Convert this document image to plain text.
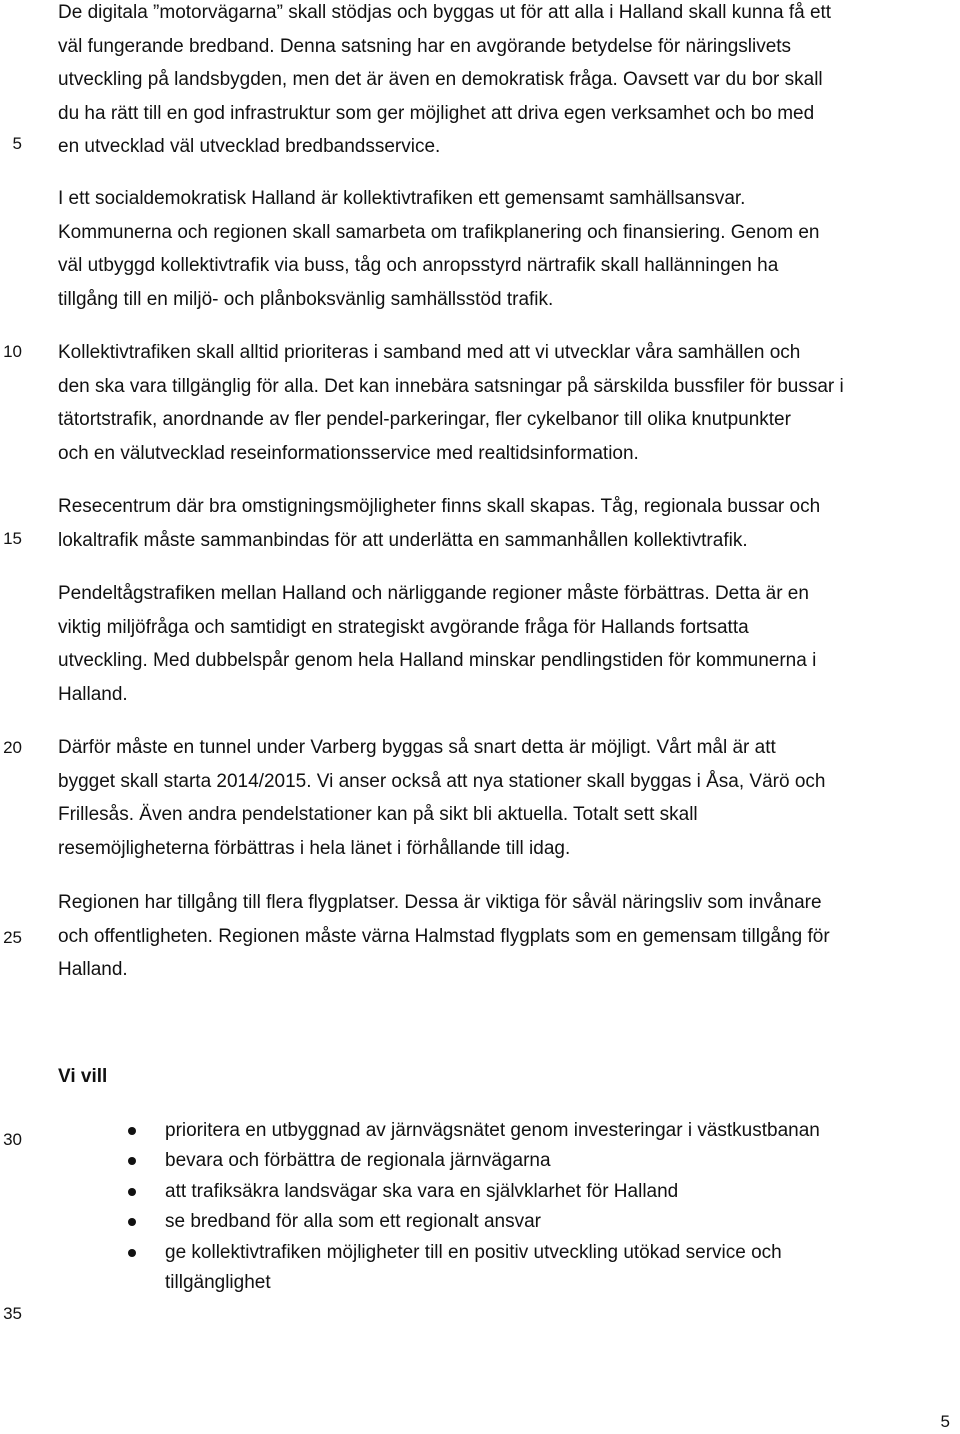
5
10
15
20
25
30
35

De digitala ”motorvägarna” skall stödjas och byggas ut för att alla i Halland skall kunna få ett
väl fungerande bredband. Denna satsning har en avgörande betydelse för näringslivets
utveckling på landsbygden, men det är även en demokratisk fråga. Oavsett var du bor skall
du ha rätt till en god infrastruktur som ger möjlighet att driva egen verksamhet och bo med
en utvecklad väl utvecklad bredbandsservice.

I ett socialdemokratisk Halland är kollektivtrafiken ett gemensamt samhällsansvar.
Kommunerna och regionen skall samarbeta om trafikplanering och finansiering. Genom en
väl utbyggd kollektivtrafik via buss, tåg och anropsstyrd närtrafik skall hallänningen ha
tillgång till en miljö- och plånboksvänlig samhällsstöd trafik.

Kollektivtrafiken skall alltid prioriteras i samband med att vi utvecklar våra samhällen och
den ska vara tillgänglig för alla. Det kan innebära satsningar på särskilda bussfiler för bussar i
tätortstrafik, anordnande av fler pendel-parkeringar, fler cykelbanor till olika knutpunkter
och en välutvecklad reseinformationsservice med realtidsinformation.

Resecentrum där bra omstigningsmöjligheter finns skall skapas. Tåg, regionala bussar och
lokaltrafik måste sammanbindas för att underlätta en sammanhållen kollektivtrafik.

Pendeltågstrafiken mellan Halland och närliggande regioner måste förbättras. Detta är en
viktig miljöfråga och samtidigt en strategiskt avgörande fråga för Hallands fortsatta
utveckling. Med dubbelspår genom hela Halland minskar pendlingstiden för kommunerna i
Halland.

Därför måste en tunnel under Varberg byggas så snart detta är möjligt. Vårt mål är att
bygget skall starta 2014/2015. Vi anser också att nya stationer skall byggas i Åsa, Värö och
Frillesås. Även andra pendelstationer kan på sikt bli aktuella. Totalt sett skall
resemöjligheterna förbättras i hela länet i förhållande till idag.

Regionen har tillgång till flera flygplatser. Dessa är viktiga för såväl näringsliv som invånare
och offentligheten. Regionen måste värna Halmstad flygplats som en gemensam tillgång för
Halland.

Vi vill
prioritera en utbyggnad av järnvägsnätet genom investeringar i västkustbanan
bevara och förbättra de regionala järnvägarna
att trafiksäkra landsvägar ska vara en självklarhet för Halland
se bredband för alla som ett regionalt ansvar
ge kollektivtrafiken möjligheter till en positiv utveckling utökad service och
tillgänglighet
5
